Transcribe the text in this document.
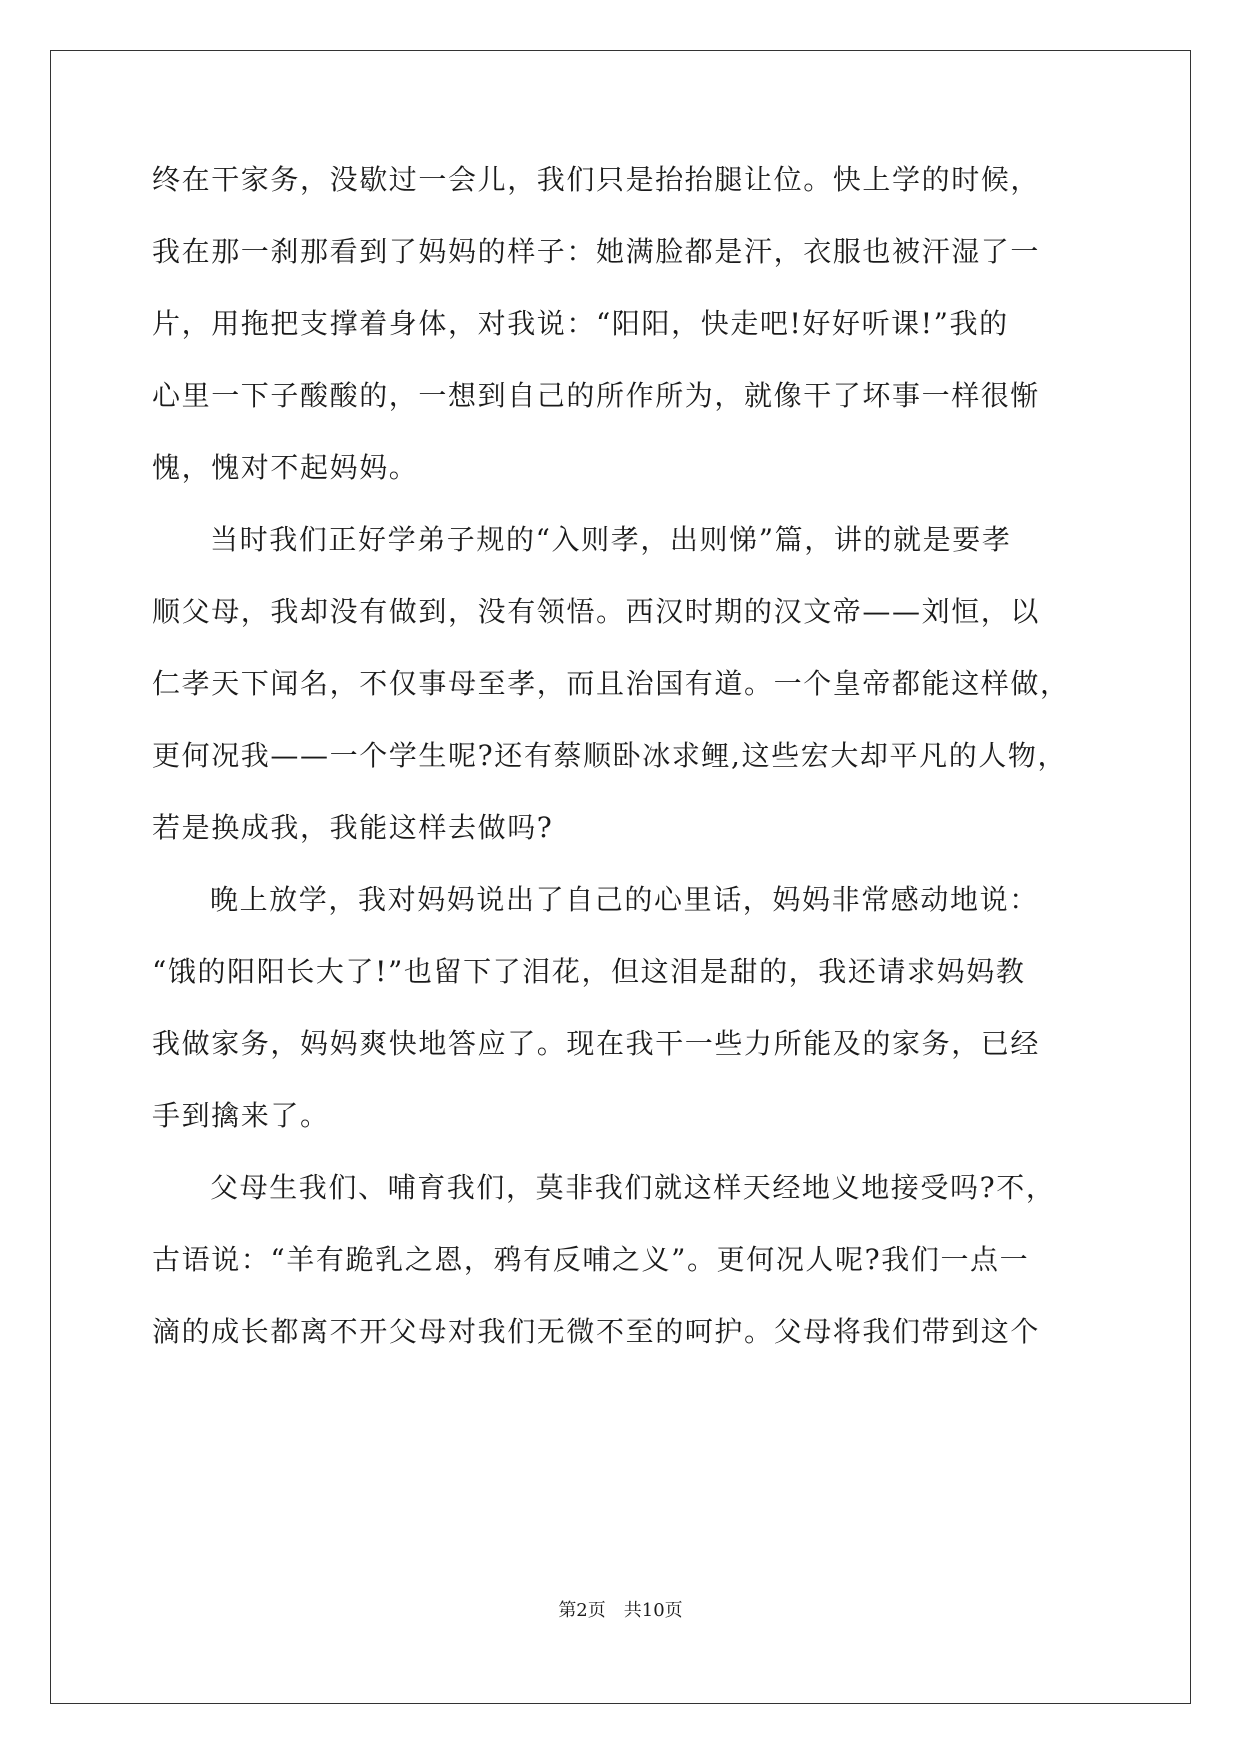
终在干家务，没歇过一会儿，我们只是抬抬腿让位。快上学的时候，
我在那一刹那看到了妈妈的样子：她满脸都是汗，衣服也被汗湿了一
片，用拖把支撑着身体，对我说：“阳阳，快走吧!好好听课!”我的
心里一下子酸酸的，一想到自己的所作所为，就像干了坏事一样很惭
愧，愧对不起妈妈。
当时我们正好学弟子规的“入则孝，出则悌”篇，讲的就是要孝
顺父母，我却没有做到，没有领悟。西汉时期的汉文帝——刘恒，以
仁孝天下闻名，不仅事母至孝，而且治国有道。一个皇帝都能这样做，
更何况我——一个学生呢?还有蔡顺卧冰求鲤,这些宏大却平凡的人物，
若是换成我，我能这样去做吗?
晚上放学，我对妈妈说出了自己的心里话，妈妈非常感动地说：
“饿的阳阳长大了!”也留下了泪花，但这泪是甜的，我还请求妈妈教
我做家务，妈妈爽快地答应了。现在我干一些力所能及的家务，已经
手到擒来了。
父母生我们、哺育我们，莫非我们就这样天经地义地接受吗?不，
古语说：“羊有跪乳之恩，鸦有反哺之义”。更何况人呢?我们一点一
滴的成长都离不开父母对我们无微不至的呵护。父母将我们带到这个
第2页　共10页
